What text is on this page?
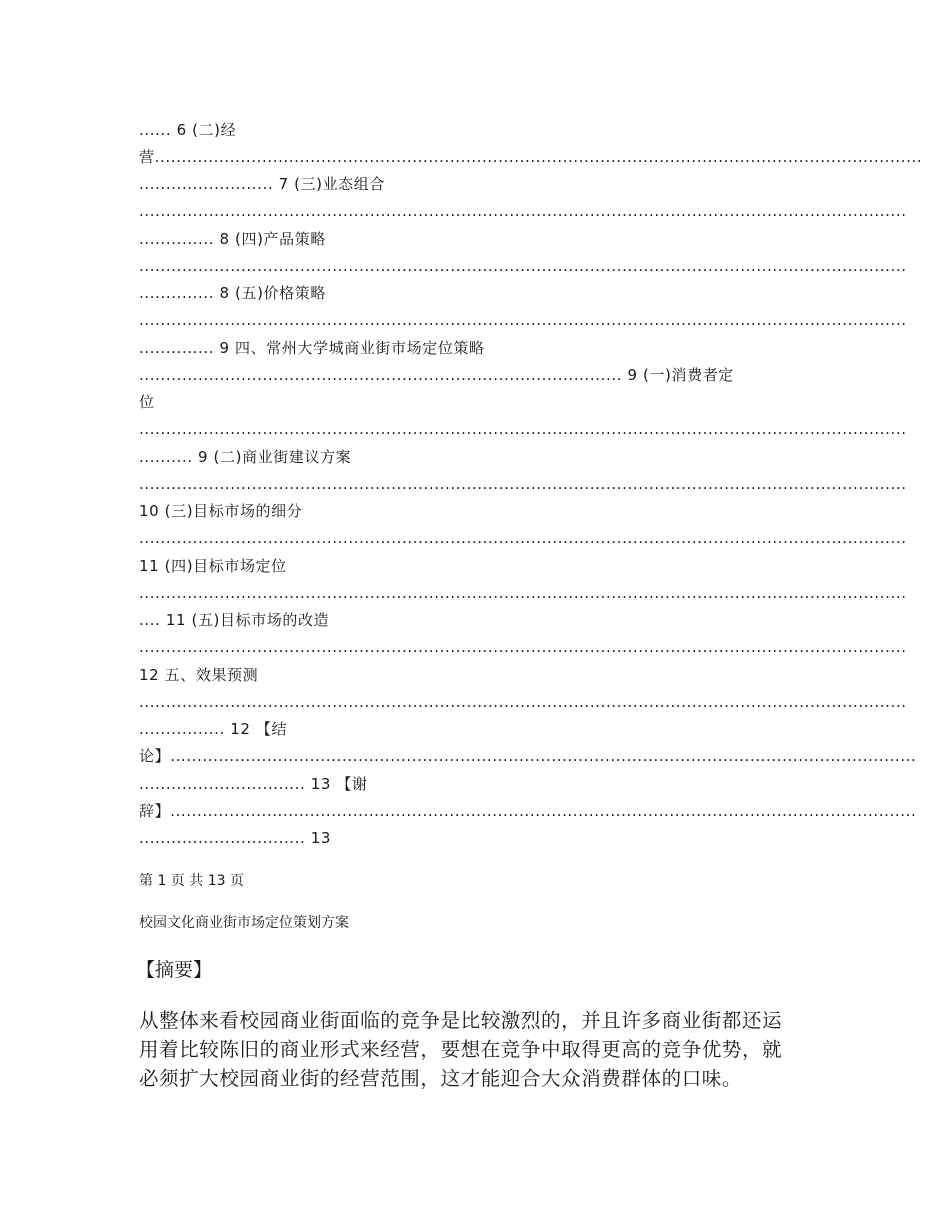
...... 6 (二)经
营...............................................................................................................................................
......................... 7 (三)业态组合
...............................................................................................................................................
.............. 8 (四)产品策略
...............................................................................................................................................
.............. 8 (五)价格策略
...............................................................................................................................................
.............. 9 四、常州大学城商业街市场定位策略
.......................................................................................... 9 (一)消费者定
位
...............................................................................................................................................
.......... 9 (二)商业街建议方案
...............................................................................................................................................
10 (三)目标市场的细分
...............................................................................................................................................
11 (四)目标市场定位
...............................................................................................................................................
.... 11 (五)目标市场的改造
...............................................................................................................................................
12 五、效果预测
...............................................................................................................................................
................ 12 【结
论】...........................................................................................................................................
............................... 13 【谢
辞】...........................................................................................................................................
............................... 13
第 1 页 共 13 页
校园文化商业街市场定位策划方案
【摘要】
从整体来看校园商业街面临的竞争是比较激烈的，并且许多商业街都还运
用着比较陈旧的商业形式来经营，要想在竞争中取得更高的竞争优势，就
必须扩大校园商业街的经营范围，这才能迎合大众消费群体的口味。
